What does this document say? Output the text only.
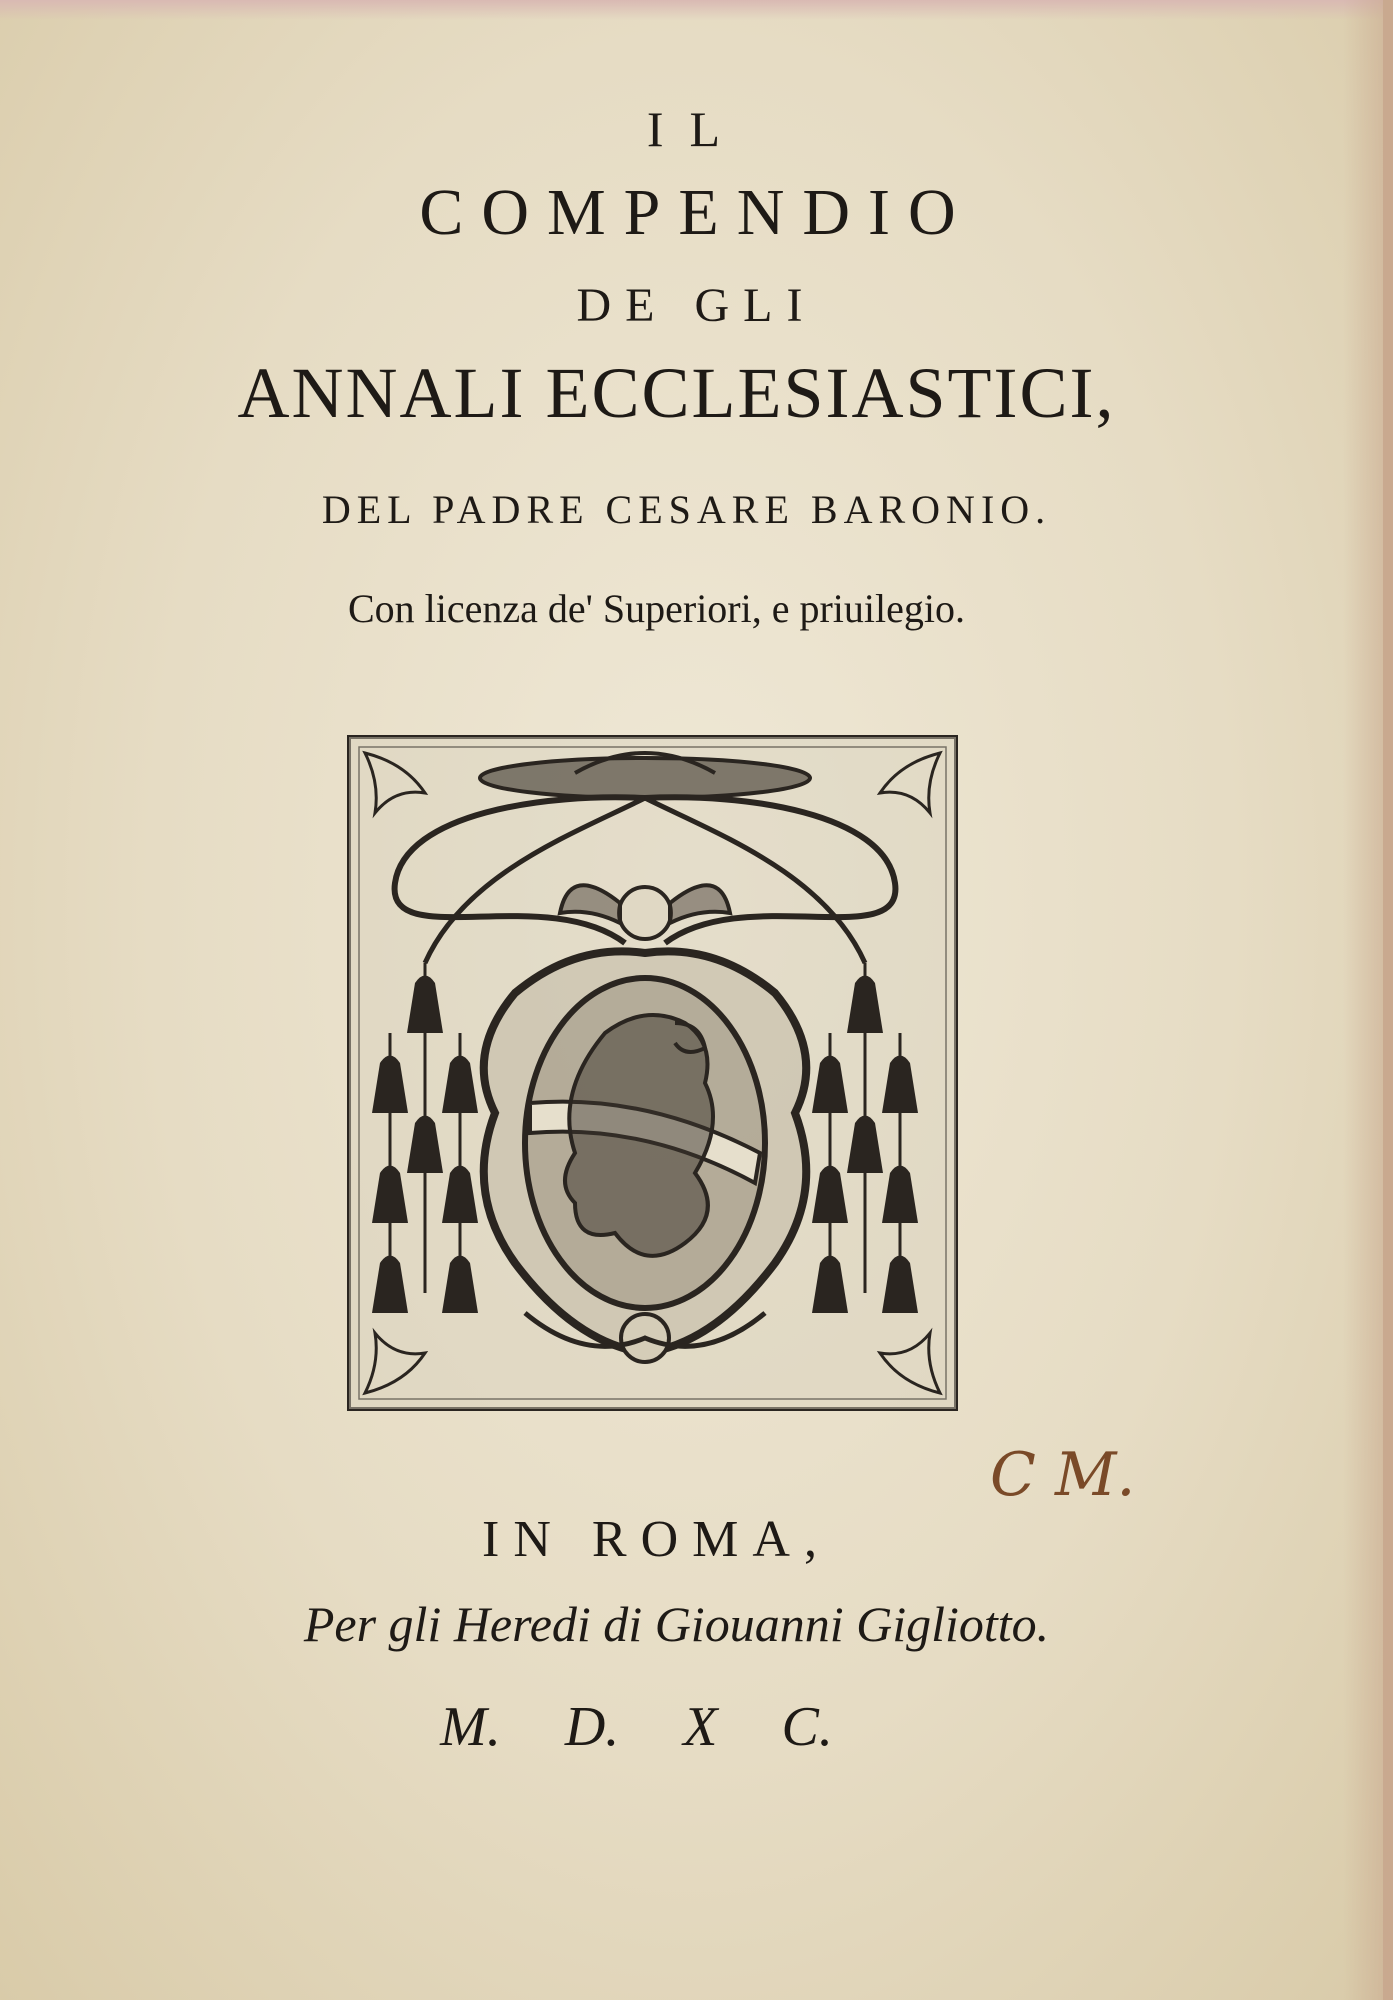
IL
COMPENDIO
DE GLI
ANNALI ECCLESIASTICI,
DEL PADRE CESARE BARONIO.
Con licenza de' Superiori, e priuilegio.
C M.
IN ROMA,
Per gli Heredi di Giouanni Gigliotto.
M. D. X C.
